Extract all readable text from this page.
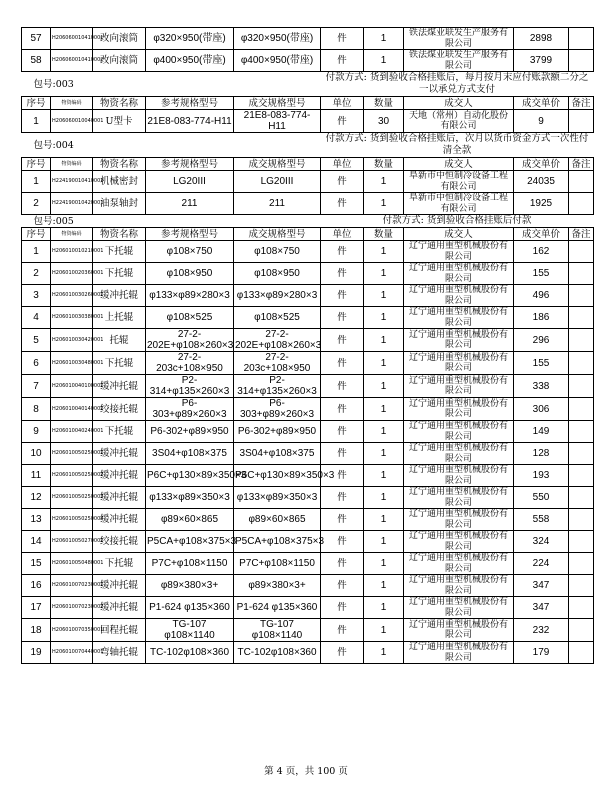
57	H206060010410001	改向滚筒	φ320×950(带座)	φ320×950(带座)	件	1	铁法煤业联发生产服务有限公司	2898	
58	H206060010410002	改向滚筒	φ400×950(带座)	φ400×950(带座)	件	1	铁法煤业联发生产服务有限公司	3799	
包号:003					付款方式: 货到验收合格挂账后，每月按月末应付账款额二分之一以承兑方式支付				
序号	物资编码	物资名称	参考规格型号	成交规格型号	单位	数量	成交人	成交单价	备注
1	H206060010040001	U型卡	21E8-083-774-H11	21E8-083-774-H11	件	30	天地（常州）自动化股份有限公司	9	
包号:004					付款方式: 货到验收合格挂账后，次月以货币资金方式一次性付清全款				
序号	物资编码	物资名称	参考规格型号	成交规格型号	单位	数量	成交人	成交单价	备注
1	H224190010410001	机械密封	LG20III	LG20III	件	1	阜新市中恒制冷设备工程有限公司	24035	
2	H224190010420001	油泵轴封	211	211	件	1	阜新市中恒制冷设备工程有限公司	1925	
包号:005					付款方式: 货到验收合格挂账后付款				
序号	物资编码	物资名称	参考规格型号	成交规格型号	单位	数量	成交人	成交单价	备注
1	H206010010210001	下托辊	φ108×750	φ108×750	件	1	辽宁通用重型机械股份有限公司	162	
2	H206010020360001	下托辊	φ108×950	φ108×950	件	1	辽宁通用重型机械股份有限公司	155	
3	H206010030260001	缓冲托辊	φ133×φ89×280×3	φ133×φ89×280×3	件	1	辽宁通用重型机械股份有限公司	496	
4	H206010030380001	上托辊	φ108×525	φ108×525	件	1	辽宁通用重型机械股份有限公司	186	
5	H206010030420001	托辊	27-2-202E+φ108×260×3	27-2-202E+φ108×260×3	件	1	辽宁通用重型机械股份有限公司	296	
6	H206010030480001	下托辊	27-2-203c+108×950	27-2-203c+108×950	件	1	辽宁通用重型机械股份有限公司	155	
7	H206010040100001	缓冲托辊	P2-314+φ135×260×3	P2-314+φ135×260×3	件	1	辽宁通用重型机械股份有限公司	338	
8	H206010040140001	绞接托辊	P6-303+φ89×260×3	P6-303+φ89×260×3	件	1	辽宁通用重型机械股份有限公司	306	
9	H206010040240001	下托辊	P6-302+φ89×950	P6-302+φ89×950	件	1	辽宁通用重型机械股份有限公司	149	
10	H206010050250001	缓冲托辊	3S04+φ108×375	3S04+φ108×375	件	1	辽宁通用重型机械股份有限公司	128	
11	H206010050250002	缓冲托辊	P6C+φ130×89×350×3	P6C+φ130×89×350×3	件	1	辽宁通用重型机械股份有限公司	193	
12	H206010050250003	缓冲托辊	φ133×φ89×350×3	φ133×φ89×350×3	件	1	辽宁通用重型机械股份有限公司	550	
13	H206010050250004	缓冲托辊	φ89×60×865	φ89×60×865	件	1	辽宁通用重型机械股份有限公司	558	
14	H206010050270001	绞接托辊	P5CA+φ108×375×3	P5CA+φ108×375×3	件	1	辽宁通用重型机械股份有限公司	324	
15	H206010050480001	下托辊	P7C+φ108×1150	P7C+φ108×1150	件	1	辽宁通用重型机械股份有限公司	224	
16	H206010070230001	缓冲托辊	φ89×380×3+	φ89×380×3+	件	1	辽宁通用重型机械股份有限公司	347	
17	H206010070230002	缓冲托辊	P1-624 φ135×360	P1-624 φ135×360	件	1	辽宁通用重型机械股份有限公司	347	
18	H206010070350001	回程托辊	TG-107 φ108×1140	TG-107 φ108×1140	件	1	辽宁通用重型机械股份有限公司	232	
19	H206010070440001	弯轴托辊	TC-102φ108×360	TC-102φ108×360	件	1	辽宁通用重型机械股份有限公司	179	
第 4 页，共 100 页
